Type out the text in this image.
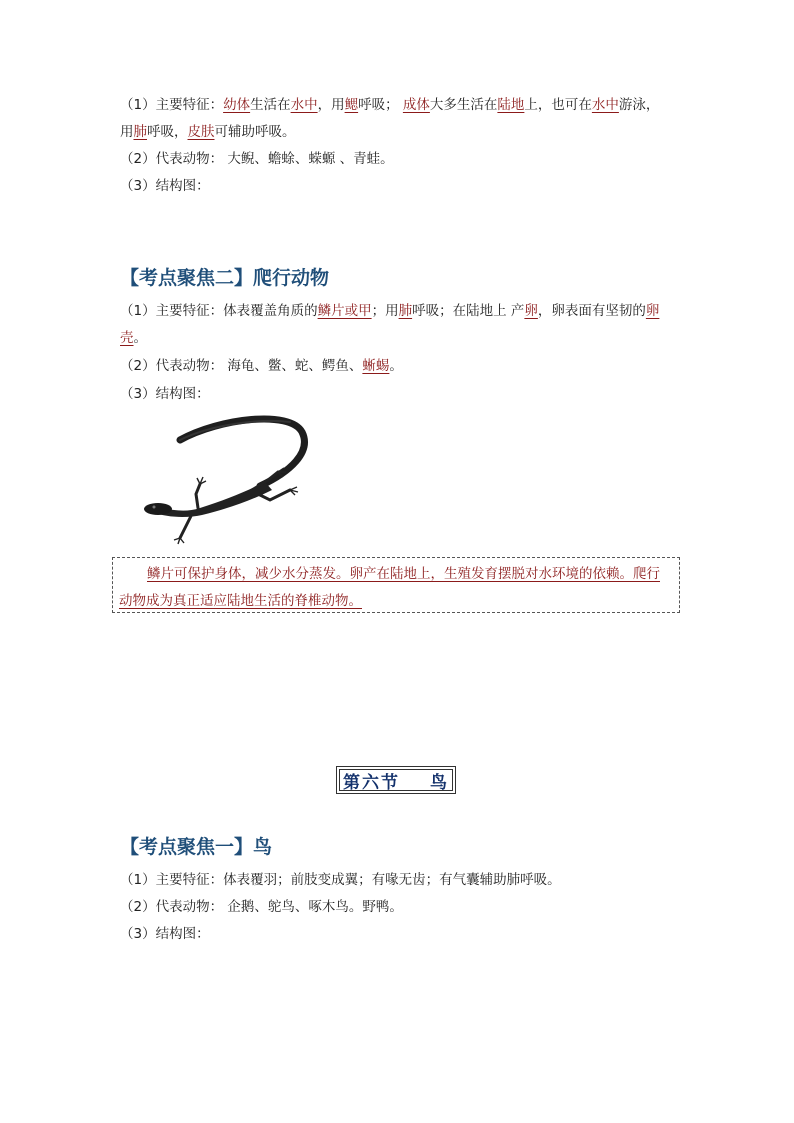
（1）主要特征：幼体生活在水中，用鳃呼吸； 成体大多生活在陆地上，也可在水中游泳，
用肺呼吸，皮肤可辅助呼吸。
（2）代表动物： 大鲵、蟾蜍、蝾螈 、青蛙。
（3）结构图：
【考点聚焦二】爬行动物
（1）主要特征：体表覆盖角质的鳞片或甲；用肺呼吸；在陆地上 产卵，卵表面有坚韧的卵
壳。
（2）代表动物： 海龟、鳖、蛇、鳄鱼、蜥蜴。
（3）结构图：
鳞片可保护身体，减少水分蒸发。卵产在陆地上，生殖发育摆脱对水环境的依赖。爬行
动物成为真正适应陆地生活的脊椎动物。
第六节 鸟
【考点聚焦一】鸟
（1）主要特征：体表覆羽；前肢变成翼；有喙无齿；有气囊辅助肺呼吸。
（2）代表动物： 企鹅、鸵鸟、啄木鸟。野鸭。
（3）结构图：
